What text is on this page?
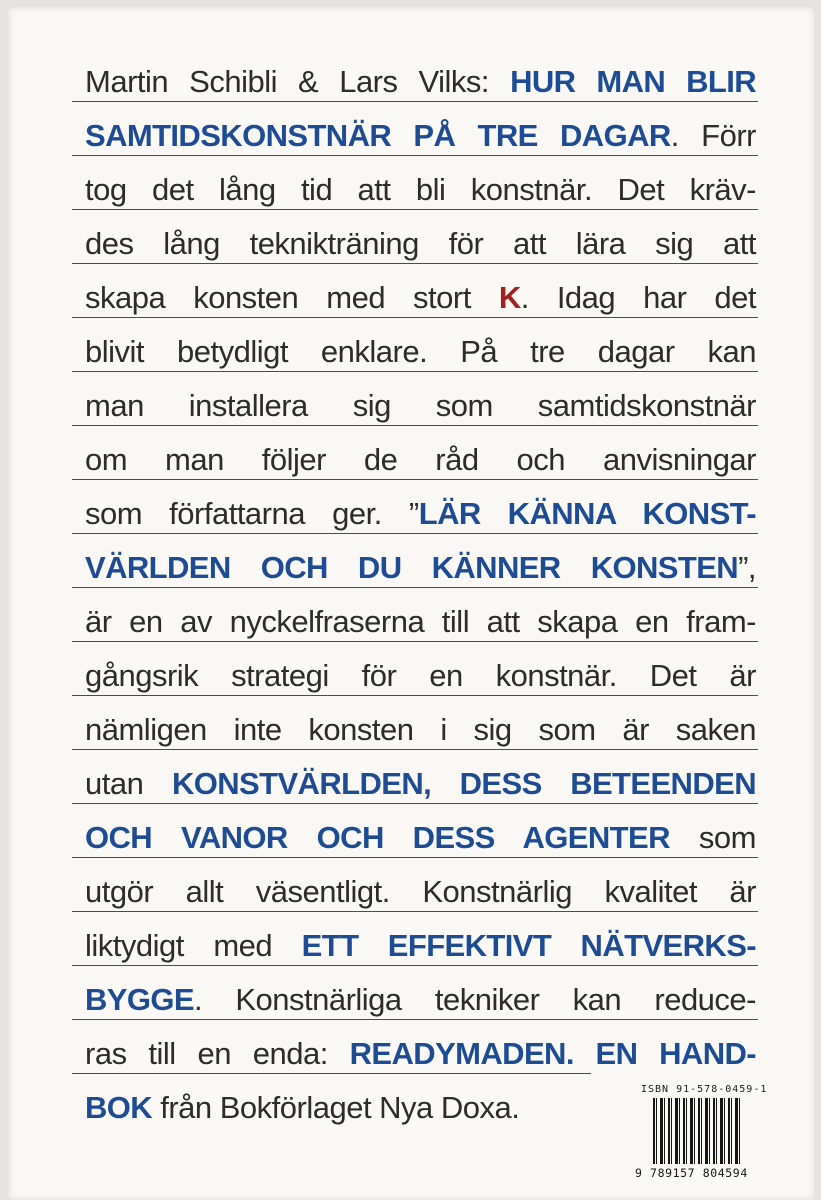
Martin Schibli & Lars Vilks: HUR MAN BLIR
SAMTIDSKONSTNÄR PÅ TRE DAGAR. Förr
tog det lång tid att bli konstnär. Det kräv-
des lång teknikträning för att lära sig att
skapa konsten med stort K. Idag har det
blivit betydligt enklare. På tre dagar kan
man installera sig som samtidskonstnär
om man följer de råd och anvisningar
som författarna ger. ”LÄR KÄNNA KONST-
VÄRLDEN OCH DU KÄNNER KONSTEN”,
är en av nyckelfraserna till att skapa en fram-
gångsrik strategi för en konstnär. Det är
nämligen inte konsten i sig som är saken
utan KONSTVÄRLDEN, DESS BETEENDEN
OCH VANOR OCH DESS AGENTER som
utgör allt väsentligt. Konstnärlig kvalitet är
liktydigt med ETT EFFEKTIVT NÄTVERKS-
BYGGE. Konstnärliga tekniker kan reduce-
ras till en enda: READYMADEN. EN HAND-
BOK från Bokförlaget Nya Doxa.
ISBN 91-578-0459-1
9 789157 804594
